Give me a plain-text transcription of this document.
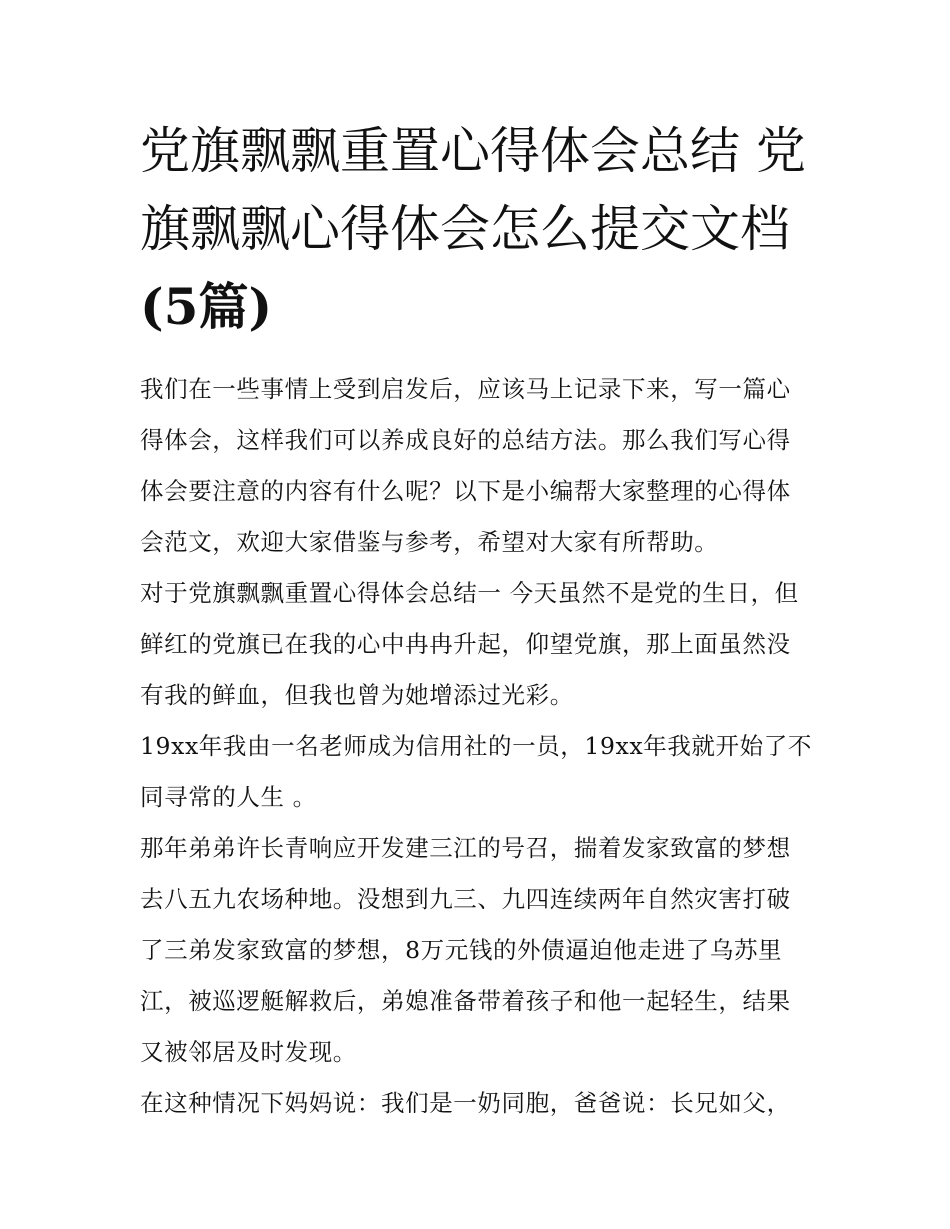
党旗飘飘重置心得体会总结 党旗飘飘心得体会怎么提交文档
(5篇)

我们在一些事情上受到启发后，应该马上记录下来，写一篇心得体会，这样我们可以养成良好的总结方法。那么我们写心得体会要注意的内容有什么呢？以下是小编帮大家整理的心得体会范文，欢迎大家借鉴与参考，希望对大家有所帮助。

对于党旗飘飘重置心得体会总结一 今天虽然不是党的生日，但鲜红的党旗已在我的心中冉冉升起，仰望党旗，那上面虽然没有我的鲜血，但我也曾为她增添过光彩。

19xx年我由一名老师成为信用社的一员，19xx年我就开始了不同寻常的人生 。

那年弟弟许长青响应开发建三江的号召，揣着发家致富的梦想去八五九农场种地。没想到九三、九四连续两年自然灾害打破了三弟发家致富的梦想，8万元钱的外债逼迫他走进了乌苏里江，被巡逻艇解救后，弟媳准备带着孩子和他一起轻生，结果又被邻居及时发现。

在这种情况下妈妈说：我们是一奶同胞，爸爸说：长兄如父，
